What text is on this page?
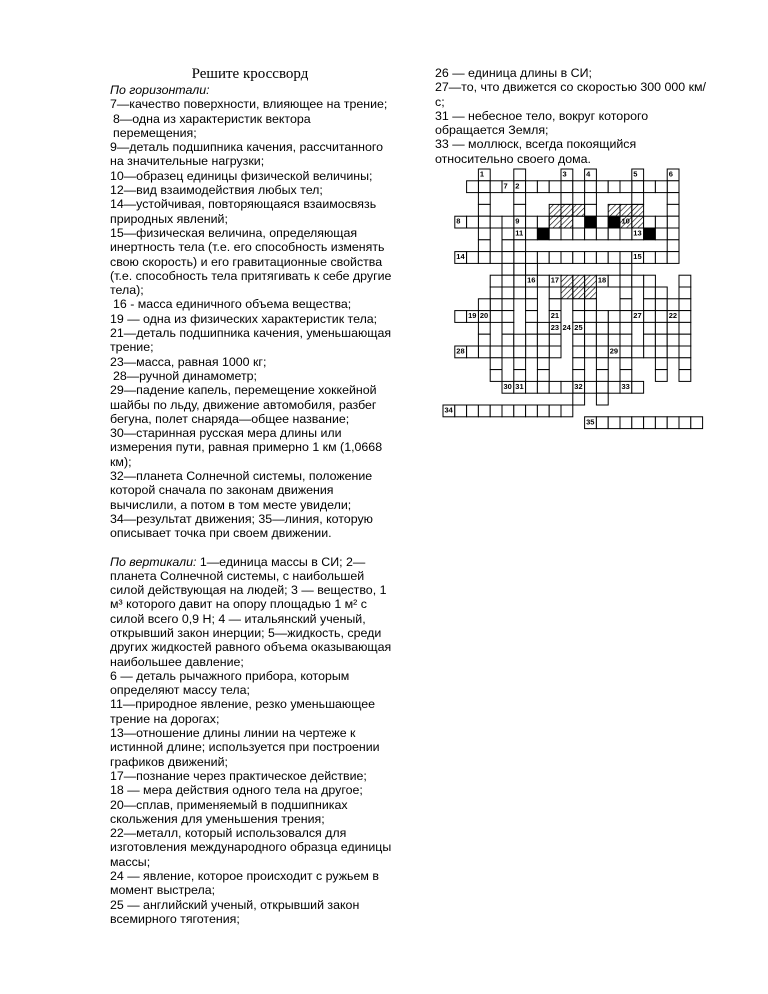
Решите кроссворд
По горизонтали:
7—качество поверхности, влияющее на трение;
8—одна из характеристик вектора перемещения;
9—деталь подшипника качения, рассчитанного на значительные нагрузки;
10—образец единицы физической величины;
12—вид взаимодействия любых тел;
14—устойчивая, повторяющаяся взаимосвязь природных явлений;
15—физическая величина, определяющая инертность тела (т.е. его способность изменять свою скорость) и его гравитационные свойства (т.е. способность тела притягивать к себе другие тела);
16 - масса единичного объема вещества;
19 — одна из физических характеристик тела; 21—деталь подшипника качения, уменьшающая трение;
23—масса, равная 1000 кг;
28—ручной динамометр;
29—падение капель, перемещение хоккейной шайбы по льду, движение автомобиля, разбег бегуна, полет снаряда—общее название;
30—старинная русская мера длины или измерения пути, равная примерно 1 км (1,0668 км);
32—планета Солнечной системы, положение которой сначала по законам движения вычислили, а потом в том месте увидели;
34—результат движения; 35—линия, которую описывает точка при своем движении.
По вертикали: 1—единица массы в СИ; 2—планета Солнечной системы, с наибольшей силой действующая на людей; 3 — вещество, 1 м³ которого давит на опору площадью 1 м² с силой всего 0,9 Н; 4 — итальянский ученый, открывший закон инерции; 5—жидкость, среди других жидкостей равного объема оказывающая наибольшее давление;
6 — деталь рычажного прибора, которым определяют массу тела;
11—природное явление, резко уменьшающее трение на дорогах;
13—отношение длины линии на чертеже к истинной длине; используется при построении графиков движений;
17—познание через практическое действие;
18 — мера действия одного тела на другое;
20—сплав, применяемый в подшипниках скольжения для уменьшения трения;
22—металл, который использовался для изготовления международного образца единицы массы;
24 — явление, которое происходит с ружьем в момент выстрела;
25 — английский ученый, открывший закон всемирного тяготения;
26 — единица длины в СИ;
27—то, что движется со скоростью 300 000 км/с;
31 — небесное тело, вокруг которого обращается Земля;
33 — моллюск, всегда покоящийся относительно своего дома.
1
2
3	4	5	6
7
8	9	10
11 12	13
14	15
16 17	18
19 20	21	22
23 24 25
27
28	29
30 31	32	33
34
35
